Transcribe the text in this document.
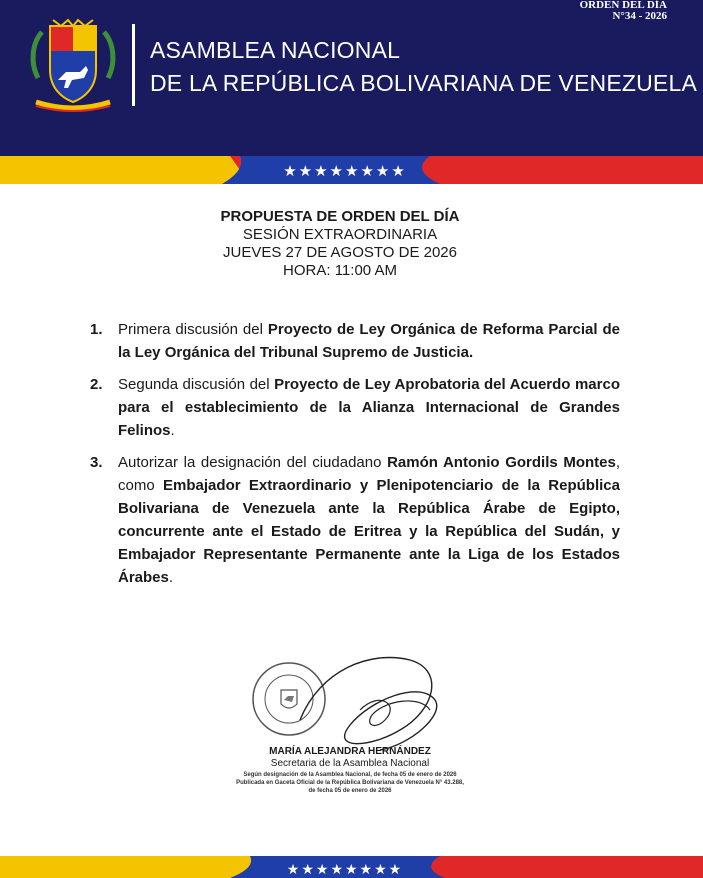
ORDEN DEL DÍA
N°34 - 2026
ASAMBLEA NACIONAL
DE LA REPÚBLICA BOLIVARIANA DE VENEZUELA
★★★★★★★★
PROPUESTA DE ORDEN DEL DÍA
SESIÓN EXTRAORDINARIA
JUEVES 27 DE AGOSTO DE 2026
HORA: 11:00 AM
1. Primera discusión del Proyecto de Ley Orgánica de Reforma Parcial de la Ley Orgánica del Tribunal Supremo de Justicia.
2. Segunda discusión del Proyecto de Ley Aprobatoria del Acuerdo marco para el establecimiento de la Alianza Internacional de Grandes Felinos.
3. Autorizar la designación del ciudadano Ramón Antonio Gordils Montes, como Embajador Extraordinario y Plenipotenciario de la República Bolivariana de Venezuela ante la República Árabe de Egipto, concurrente ante el Estado de Eritrea y la República del Sudán, y Embajador Representante Permanente ante la Liga de los Estados Árabes.
MARÍA ALEJANDRA HERNÁNDEZ
Secretaria de la Asamblea Nacional
Según designación de la Asamblea Nacional, de fecha 05 de enero de 2026
Publicada en Gaceta Oficial de la República Bolivariana de Venezuela N° 43.288,
de fecha 05 de enero de 2026
★★★★★★★★
